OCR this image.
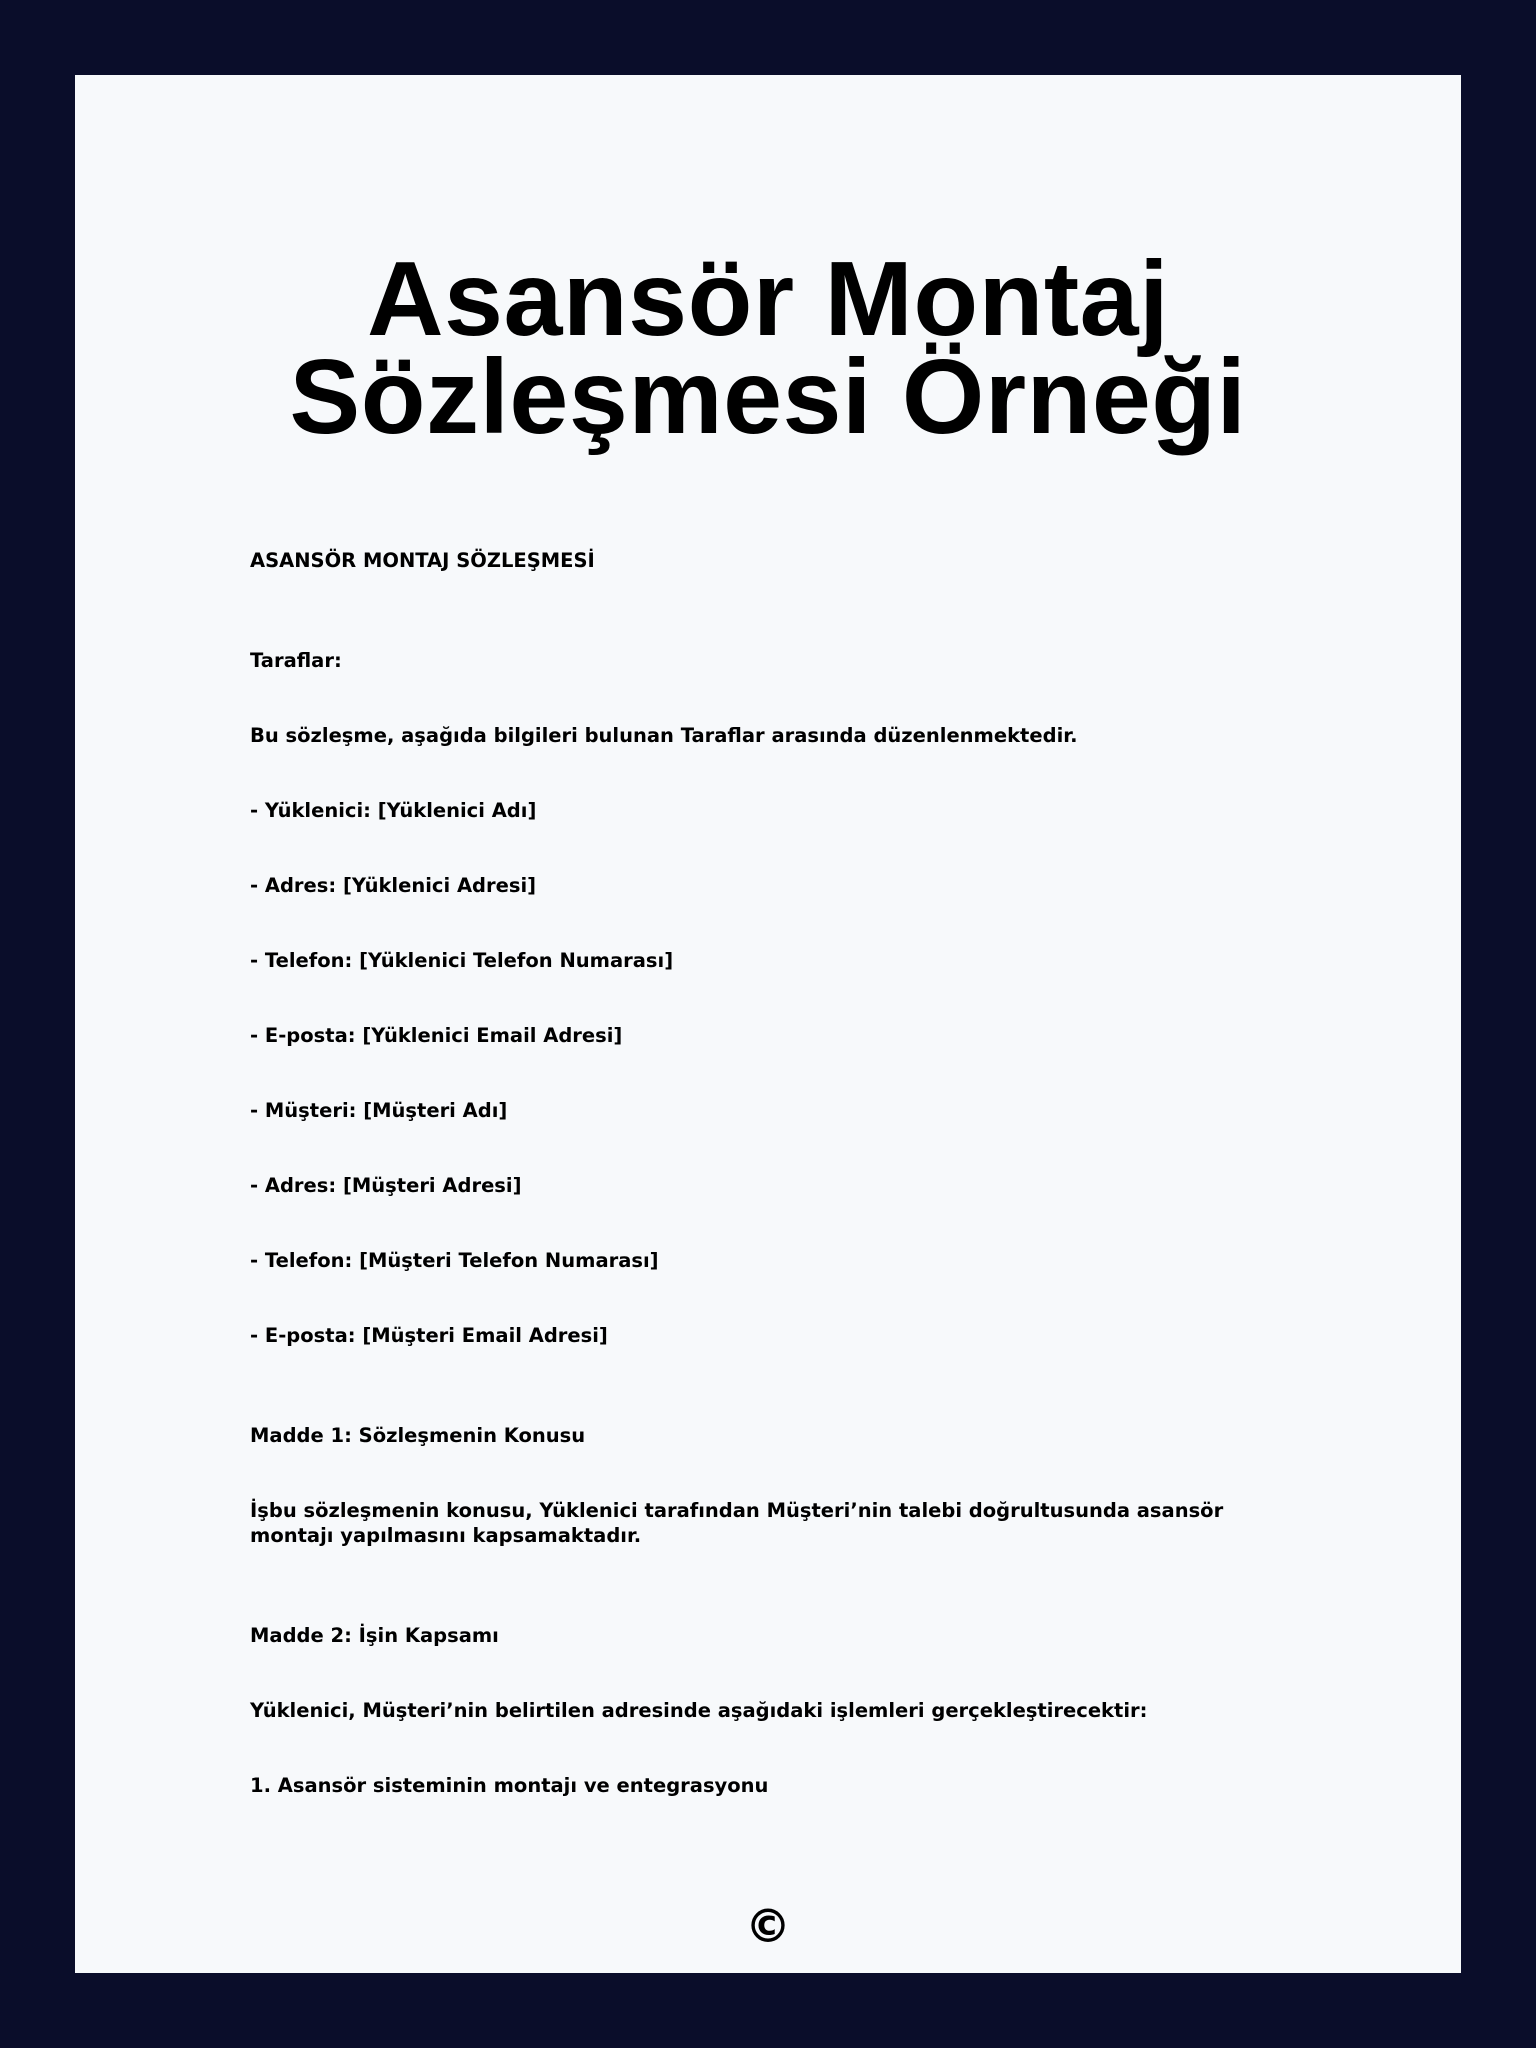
Asansör Montaj Sözleşmesi Örneği

ASANSÖR MONTAJ SÖZLEŞMESİ

Taraflar:

Bu sözleşme, aşağıda bilgileri bulunan Taraflar arasında düzenlenmektedir.

- Yüklenici: [Yüklenici Adı]

- Adres: [Yüklenici Adresi]

- Telefon: [Yüklenici Telefon Numarası]

- E-posta: [Yüklenici Email Adresi]

- Müşteri: [Müşteri Adı]

- Adres: [Müşteri Adresi]

- Telefon: [Müşteri Telefon Numarası]

- E-posta: [Müşteri Email Adresi]

Madde 1: Sözleşmenin Konusu

İşbu sözleşmenin konusu, Yüklenici tarafından Müşteri’nin talebi doğrultusunda asansör montajı yapılmasını kapsamaktadır.

Madde 2: İşin Kapsamı

Yüklenici, Müşteri’nin belirtilen adresinde aşağıdaki işlemleri gerçekleştirecektir:

1. Asansör sisteminin montajı ve entegrasyonu

©
